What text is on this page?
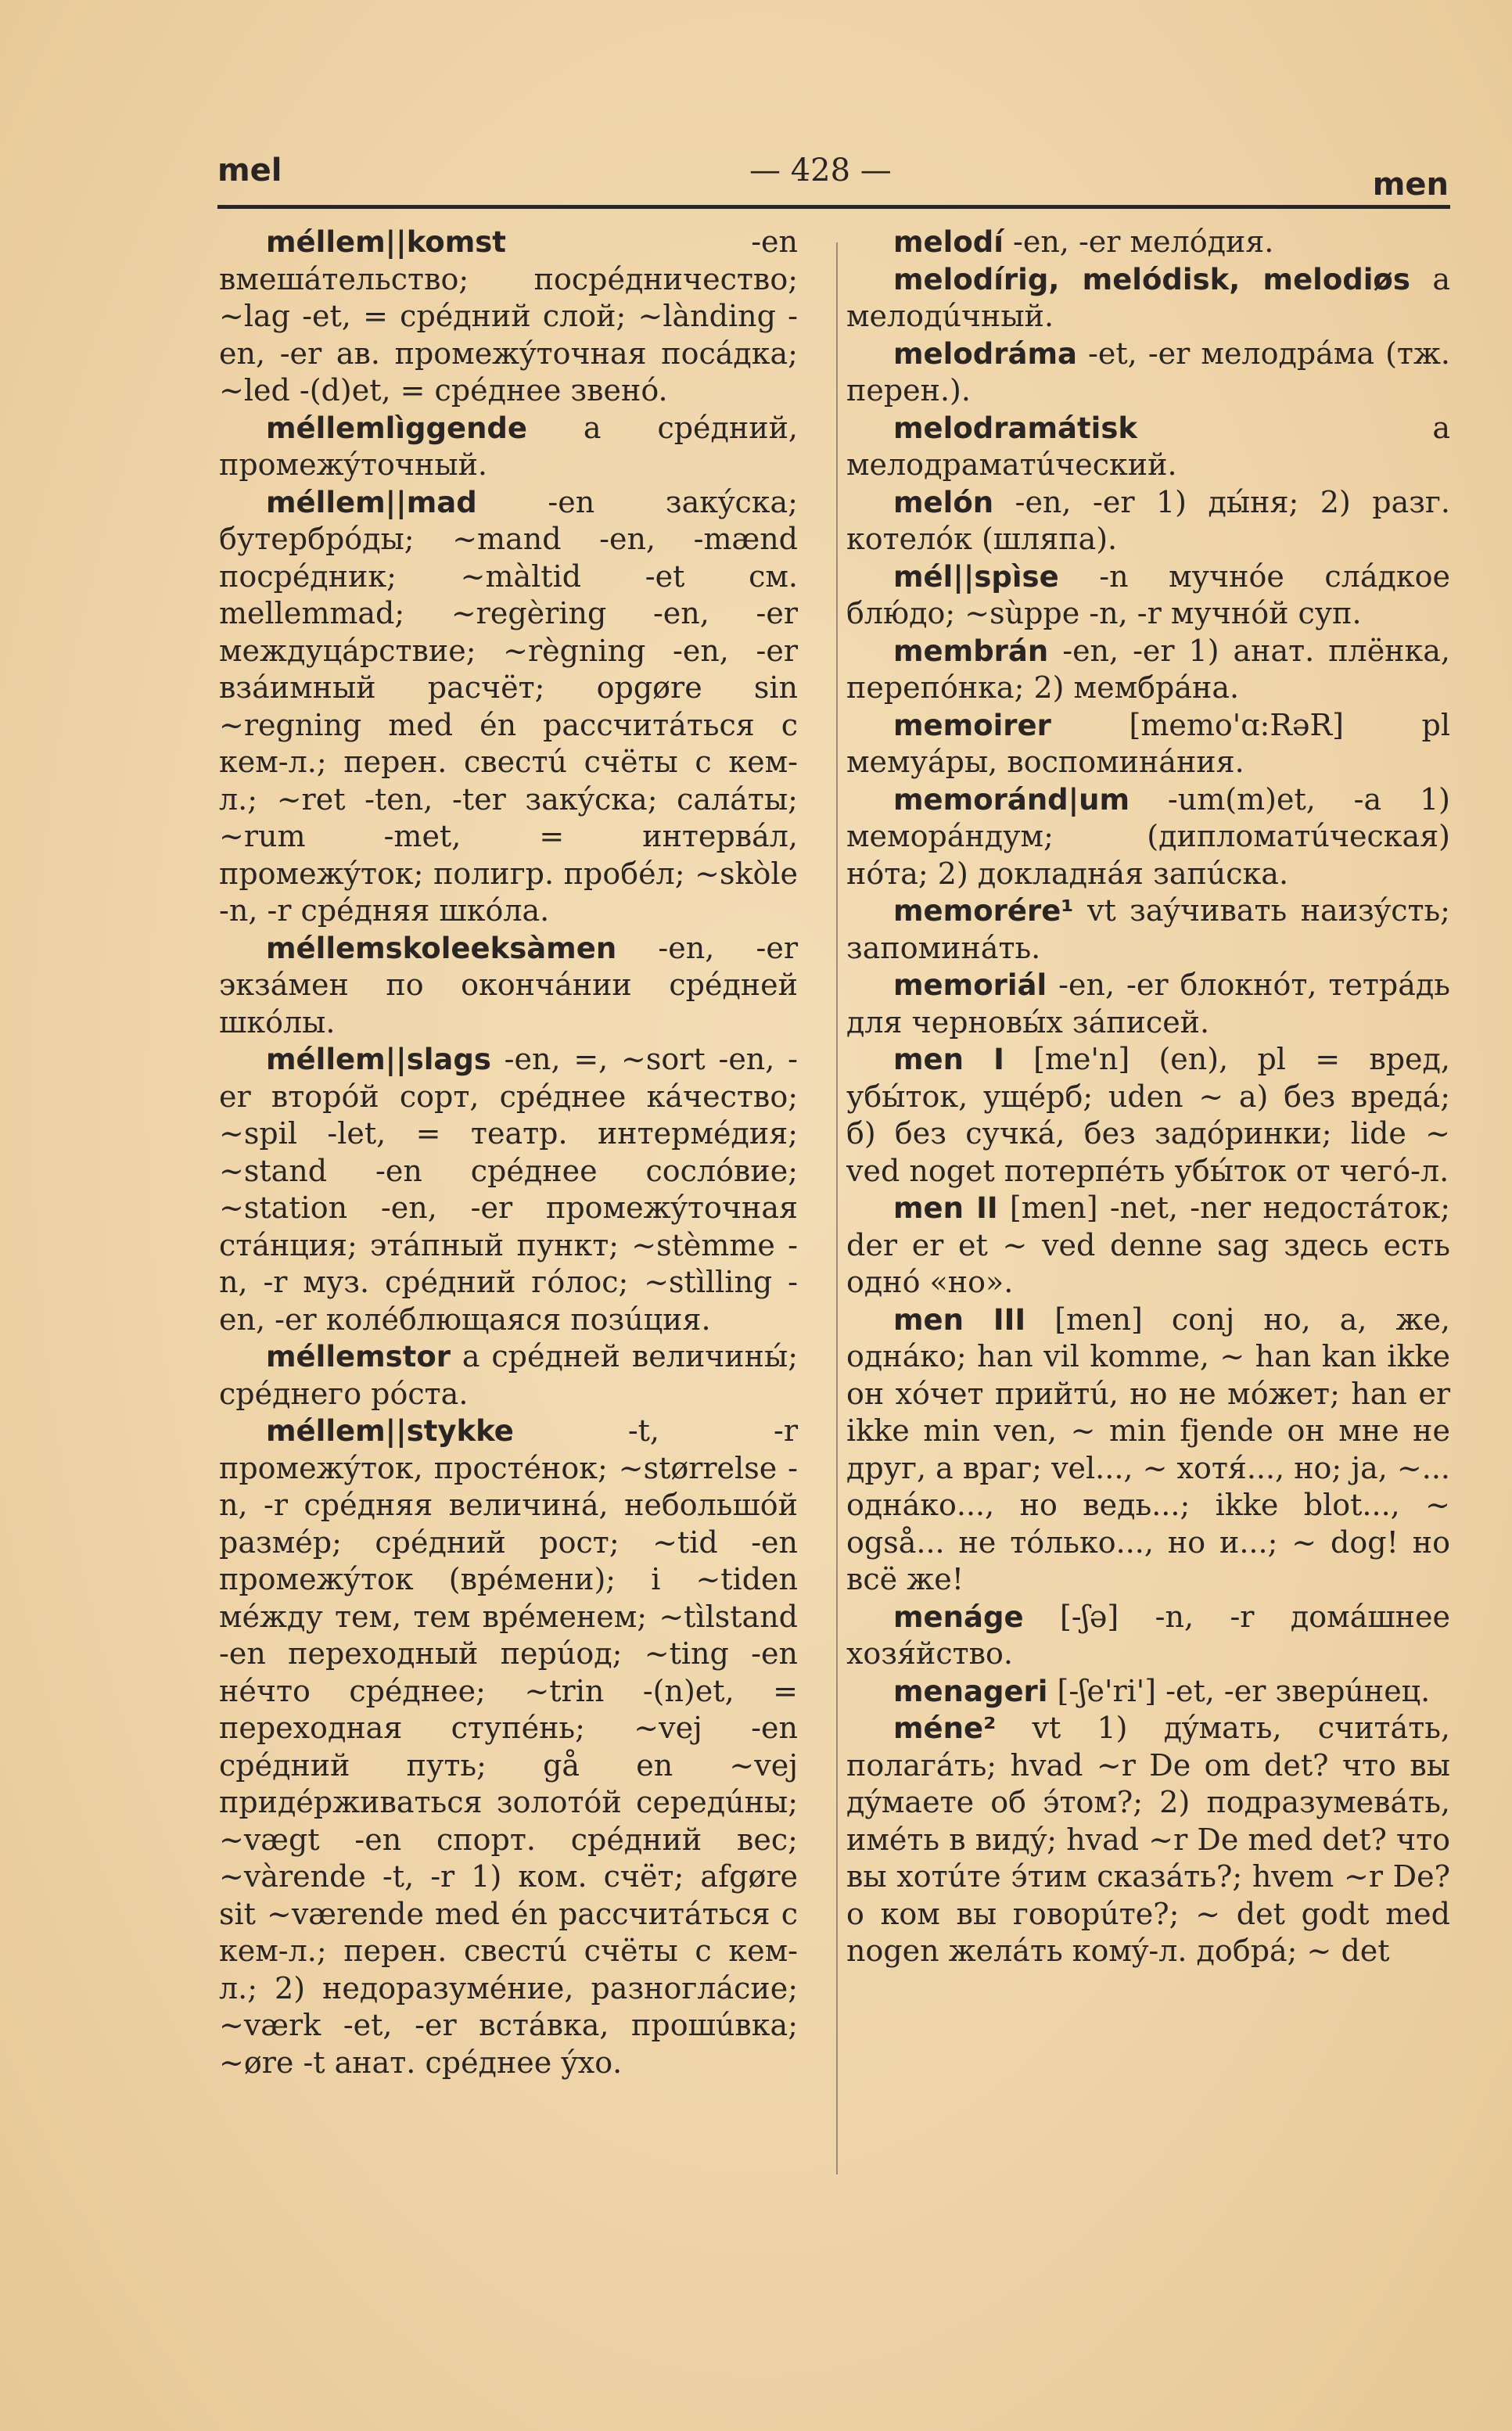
mel	— 428 —	men

méllem||komst -en вмешáтельство; посрéдничество; ~lag -et, = срéдний слой; ~lànding -en, -er ав. промежýточная посáдка; ~led -(d)et, = срéднее звенó.

méllemlìggende a срéдний, промежýточный.

méllem||mad -en закýска; бутербрóды; ~mand -en, -mænd посрéдник; ~màltid -et см. mellemmad; ~regèring -en, -er междуцáрствие; ~règning -en, -er взáимный расчёт; opgøre sin ~regning med én рассчитáться с кем-л.; перен. свестú счёты с кем-л.; ~ret -ten, -ter закýска; салáты; ~rum -met, = интервáл, промежýток; полигр. пробéл; ~skòle -n, -r срéдняя шкóла.

méllemskoleeksàmen -en, -er экзáмен по окончáнии срéдней шкóлы.

méllem||slags -en, =, ~sort -en, -er вторóй сорт, срéднее кáчество; ~spil -let, = театр. интермéдия; ~stand -en срéднее сослóвие; ~station -en, -er промежýточная стáнция; этáпный пункт; ~stèmme -n, -r муз. срéдний гóлос; ~stìlling -en, -er колéблющаяся позúция.

méllemstor a срéдней величины́; срéднего рóста.

méllem||stykke -t, -r промежýток, простéнок; ~størrelse -n, -r срéдняя величинá, небольшóй размéр; срéдний рост; ~tid -en промежýток (врéмени); i ~tiden мéжду тем, тем врéменем; ~tìlstand -en переходный перúод; ~ting -en нéчто срéднее; ~trin -(n)et, = переходная ступéнь; ~vej -en срéдний путь; gå en ~vej придéрживаться золотóй середúны; ~vægt -en спорт. срéдний вес; ~vàrende -t, -r 1) ком. счёт; afgøre sit ~værende med én рассчитáться с кем-л.; перен. свестú счёты с кем-л.; 2) недоразумéние, разноглáсие; ~værk -et, -er встáвка, прошúвка; ~øre -t анат. срéднее ýхо.

melodí -en, -er мелóдия.

melodírig, melódisk, melodiøs a мелодúчный.

melodráma -et, -er мелодрáма (тж. перен.).

melodramátisk a мелодраматúческий.

melón -en, -er 1) ды́ня; 2) разг. котелóк (шляпа).

mél||spìse -n мучнóе слáдкое блю́до; ~sùppe -n, -r мучнóй суп.

membrán -en, -er 1) анат. плёнка, перепóнка; 2) мембрáна.

memoirer [memo'ɑ:RəR] pl мемуáры, воспоминáния.

memoránd|um -um(m)et, -a 1) меморáндум; (дипломатúческая) нóта; 2) докладнáя запúска.

memorére¹ vt заýчивать наизýсть; запоминáть.

memoriál -en, -er блокнóт, тетрáдь для черновы́х зáписей.

men I [me'n] (en), pl = вред, убы́ток, ущéрб; uden ~ а) без вредá; б) без сучкá, без задóринки; lide ~ ved noget потерпéть убы́ток от чегó-л.

men II [men] -net, -ner недостáток; der er et ~ ved denne sag здесь есть однó «но».

men III [men] conj но, а, же, однáко; han vil komme, ~ han kan ikke он хóчет прийтú, но не мóжет; han er ikke min ven, ~ min fjende он мне не друг, а враг; vel..., ~ хотя́..., но; ja, ~... однáко..., но ведь...; ikke blot..., ~ også... не тóлько..., но и...; ~ dog! но всё же!

menáge [-ʃə] -n, -r домáшнее хозя́йство.

menageri [-ʃe'ri'] -et, -er зверúнец.

méne² vt 1) дýмать, считáть, полагáть; hvad ~r De om det? что вы дýмаете об э́том?; 2) подразумевáть, имéть в видý; hvad ~r De med det? что вы хотúте э́тим сказáть?; hvem ~r De? о ком вы говорúте?; ~ det godt med nogen желáть комý-л. добрá; ~ det
